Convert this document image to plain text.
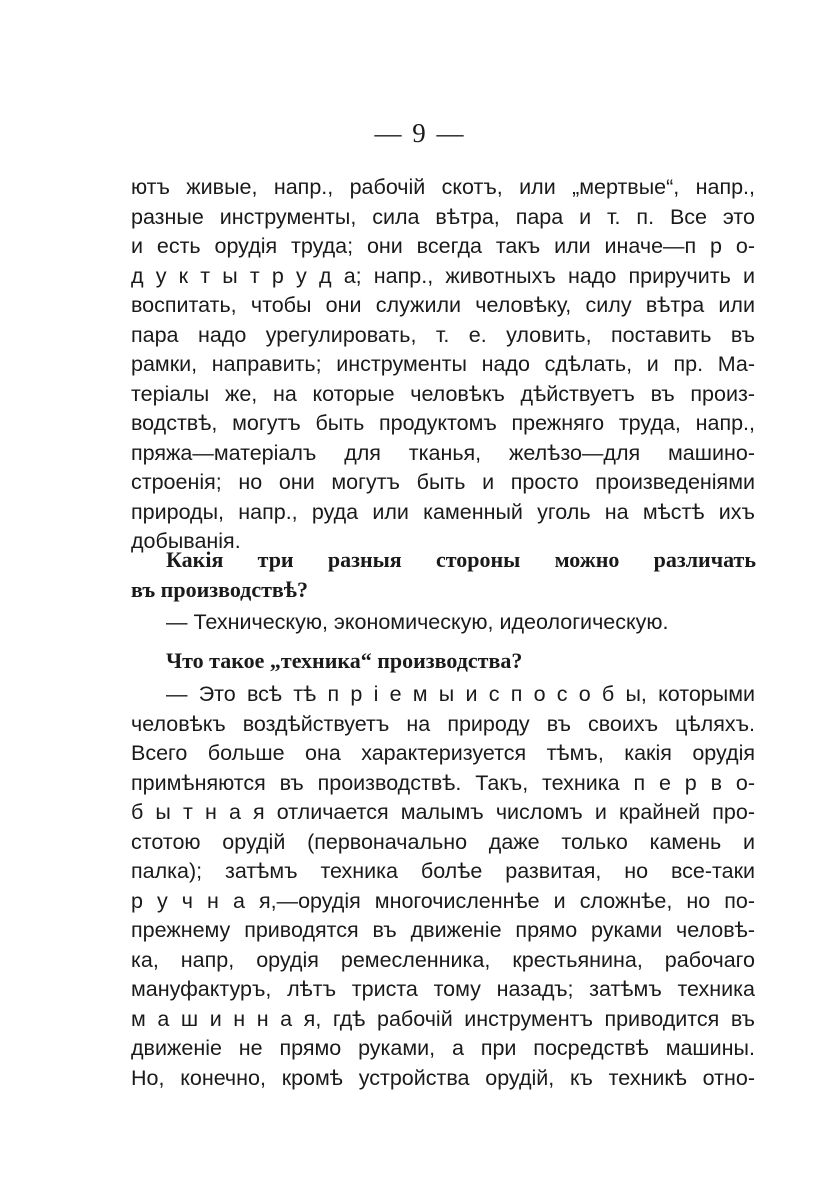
— 9 —
ютъ живые, напр., рабочій скотъ, или „мертвые“, напр.,
разные инструменты, сила вѣтра, пара и т. п. Все это
и есть орудія труда; они всегда такъ или иначе—п р о-
д у к т ы т р у д а; напр., животныхъ надо приручить и
воспитать, чтобы они служили человѣку, силу вѣтра или
пара надо урегулировать, т. е. уловить, поставить въ
рамки, направить; инструменты надо сдѣлать, и пр. Ма-
теріалы же, на которые человѣкъ дѣйствуетъ въ произ-
водствѣ, могутъ быть продуктомъ прежняго труда, напр.,
пряжа—матеріалъ для тканья, желѣзо—для машино-
строенія; но они могутъ быть и просто произведеніями
природы, напр., руда или каменный уголь на мѣстѣ ихъ
добыванія.
Какія три разныя стороны можно различать
въ производствѣ?
— Техническую, экономическую, идеологическую.
Что такое „техника“ производства?
— Это всѣ тѣ п р і е м ы и с п о с о б ы, которыми
человѣкъ воздѣйствуетъ на природу въ своихъ цѣляхъ.
Всего больше она характеризуется тѣмъ, какія орудія
примѣняются въ производствѣ. Такъ, техника п е р в о-
б ы т н а я отличается малымъ числомъ и крайней про-
стотою орудій (первоначально даже только камень и
палка); затѣмъ техника болѣе развитая, но все-таки
р у ч н а я,—орудія многочисленнѣе и сложнѣе, но по-
прежнему приводятся въ движеніе прямо руками человѣ-
ка, напр, орудія ремесленника, крестьянина, рабочаго
мануфактуръ, лѣтъ триста тому назадъ; затѣмъ техника
м а ш и н н а я, гдѣ рабочій инструментъ приводится въ
движеніе не прямо руками, а при посредствѣ машины.
Но, конечно, кромѣ устройства орудій, къ техникѣ отно-
